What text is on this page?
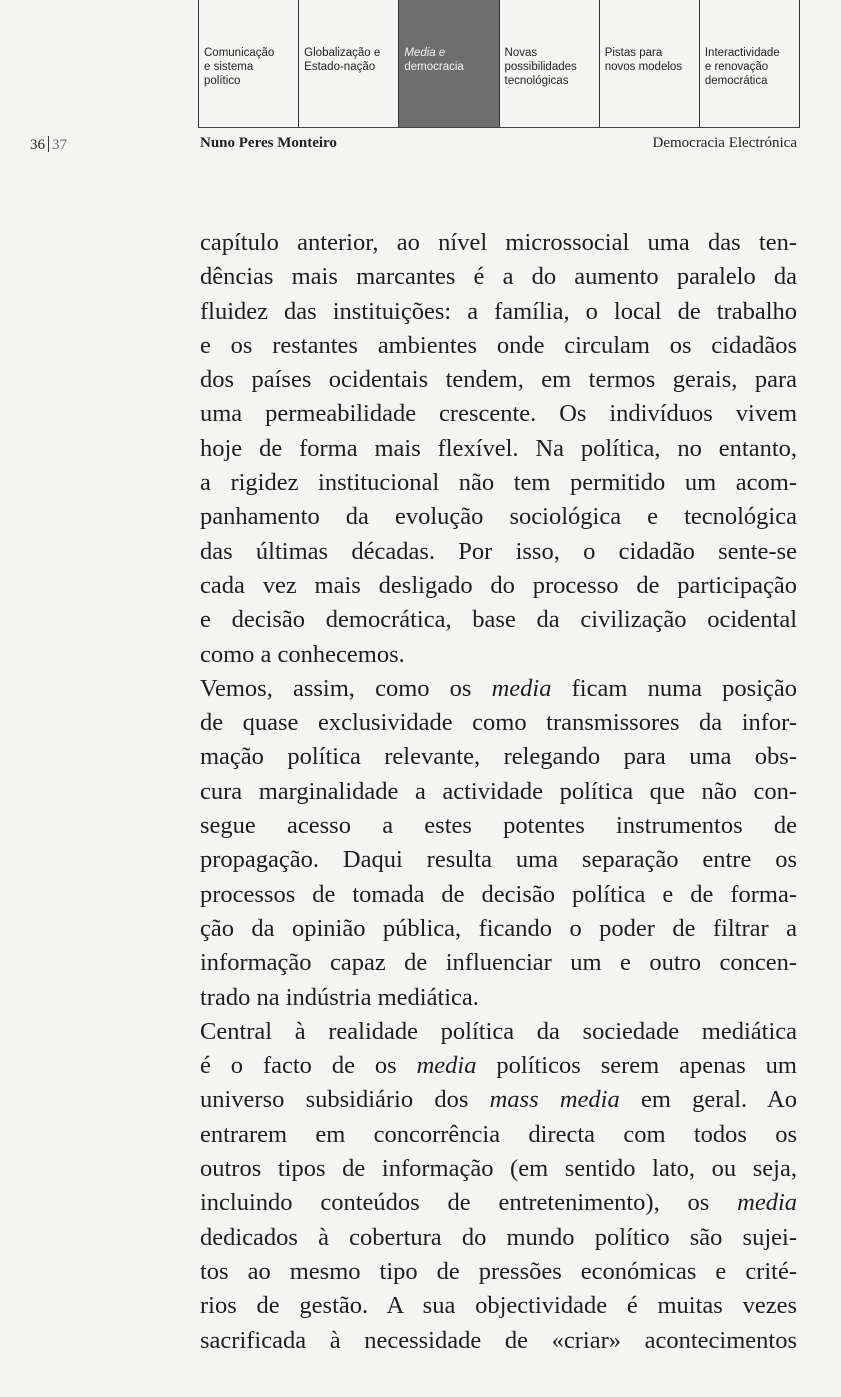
Comunicação
e sistema
político
Globalização e
Estado-nação
Media e
democracia
Novas
possibilidades
tecnológicas
Pistas para
novos modelos
Interactividade
e renovação
democrática
36 37	Nuno Peres Monteiro	Democracia Electrónica
capítulo anterior, ao nível microssocial uma das ten-
dências mais marcantes é a do aumento paralelo da
fluidez das instituições: a família, o local de trabalho
e os restantes ambientes onde circulam os cidadãos
dos países ocidentais tendem, em termos gerais, para
uma permeabilidade crescente. Os indivíduos vivem
hoje de forma mais flexível. Na política, no entanto,
a rigidez institucional não tem permitido um acom-
panhamento da evolução sociológica e tecnológica
das últimas décadas. Por isso, o cidadão sente-se
cada vez mais desligado do processo de participação
e decisão democrática, base da civilização ocidental
como a conhecemos.
Vemos, assim, como os media ficam numa posição
de quase exclusividade como transmissores da infor-
mação política relevante, relegando para uma obs-
cura marginalidade a actividade política que não con-
segue acesso a estes potentes instrumentos de
propagação. Daqui resulta uma separação entre os
processos de tomada de decisão política e de forma-
ção da opinião pública, ficando o poder de filtrar a
informação capaz de influenciar um e outro concen-
trado na indústria mediática.
Central à realidade política da sociedade mediática
é o facto de os media políticos serem apenas um
universo subsidiário dos mass media em geral. Ao
entrarem em concorrência directa com todos os
outros tipos de informação (em sentido lato, ou seja,
incluindo conteúdos de entretenimento), os media
dedicados à cobertura do mundo político são sujei-
tos ao mesmo tipo de pressões económicas e crité-
rios de gestão. A sua objectividade é muitas vezes
sacrificada à necessidade de «criar» acontecimentos
